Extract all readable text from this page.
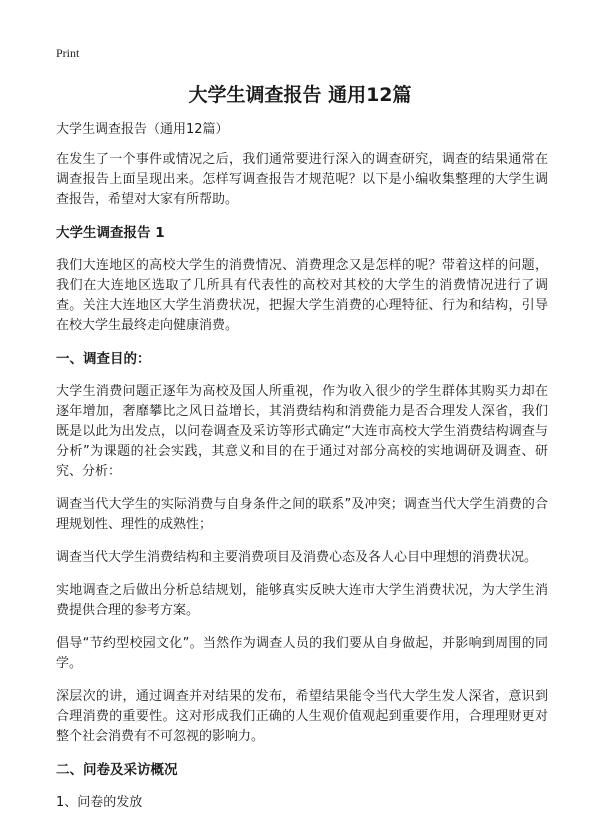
Print
大学生调查报告 通用12篇
大学生调查报告（通用12篇）

在发生了一个事件或情况之后，我们通常要进行深入的调查研究，调查的结果通常在调查报告上面呈现出来。怎样写调查报告才规范呢？以下是小编收集整理的大学生调查报告，希望对大家有所帮助。

大学生调查报告 1

我们大连地区的高校大学生的消费情况、消费理念又是怎样的呢？带着这样的问题，我们在大连地区选取了几所具有代表性的高校对其校的大学生的消费情况进行了调查。关注大连地区大学生消费状况，把握大学生消费的心理特征、行为和结构，引导在校大学生最终走向健康消费。

一、调查目的：

大学生消费问题正逐年为高校及国人所重视，作为收入很少的学生群体其购买力却在逐年增加，奢靡攀比之风日益增长，其消费结构和消费能力是否合理发人深省，我们既是以此为出发点，以问卷调查及采访等形式确定“大连市高校大学生消费结构调查与分析”为课题的社会实践，其意义和目的在于通过对部分高校的实地调研及调查、研究、分析：

调查当代大学生的实际消费与自身条件之间的联系”及冲突；调查当代大学生消费的合理规划性、理性的成熟性；

调查当代大学生消费结构和主要消费项目及消费心态及各人心目中理想的消费状况。

实地调查之后做出分析总结规划，能够真实反映大连市大学生消费状况，为大学生消费提供合理的参考方案。

倡导“节约型校园文化”。当然作为调查人员的我们要从自身做起，并影响到周围的同学。

深层次的讲，通过调查并对结果的发布，希望结果能令当代大学生发人深省，意识到合理消费的重要性。这对形成我们正确的人生观价值观起到重要作用，合理理财更对整个社会消费有不可忽视的影响力。

二、问卷及采访概况

1、问卷的发放
